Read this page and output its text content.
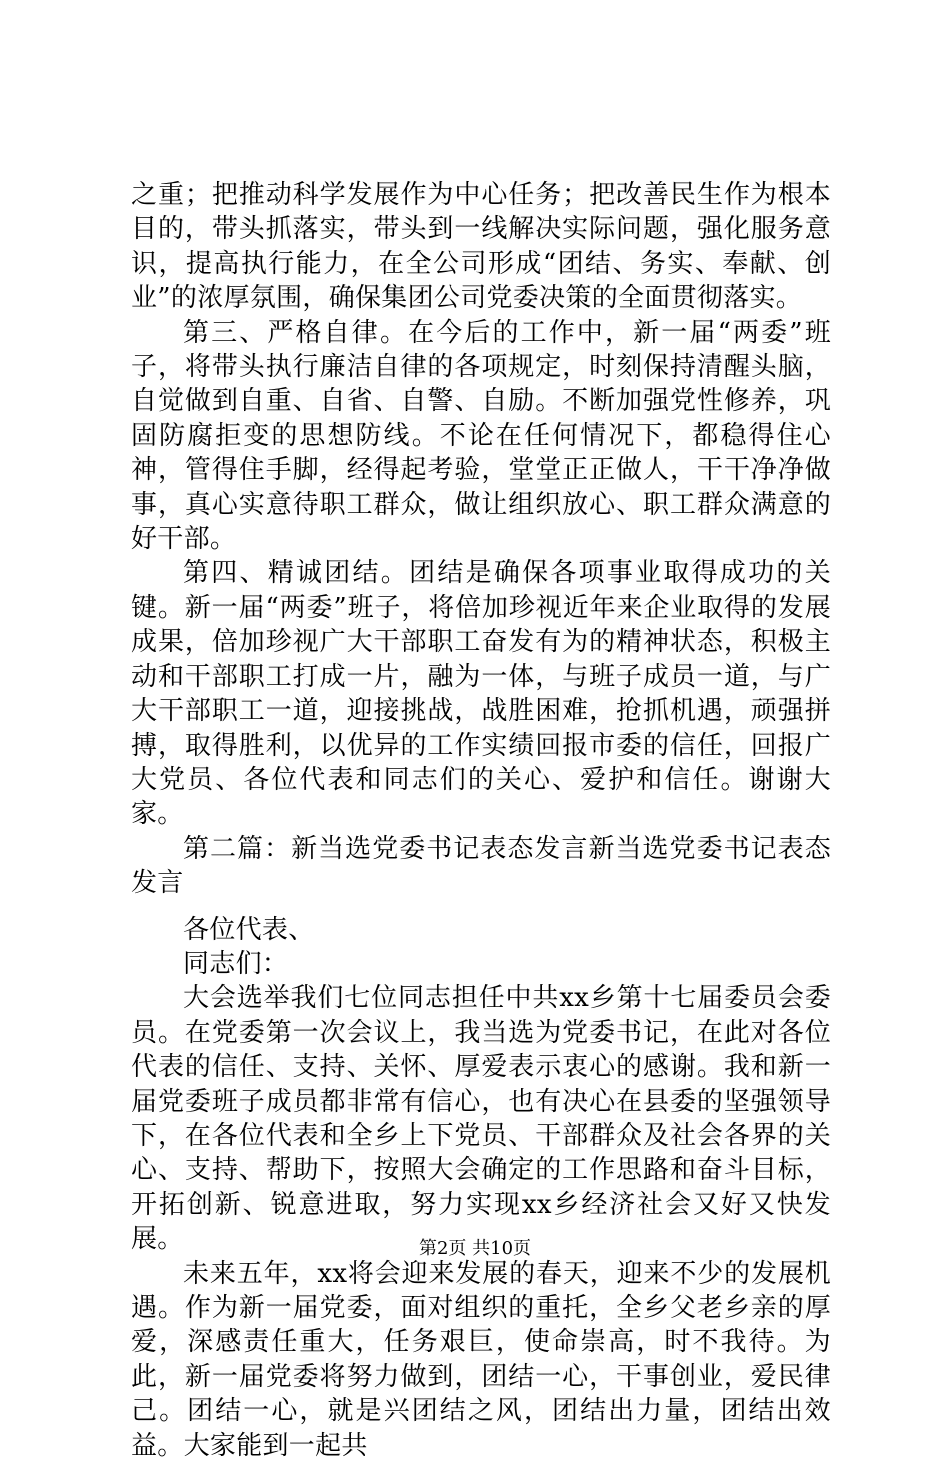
之重；把推动科学发展作为中心任务；把改善民生作为根本目的，带头抓落实，带头到一线解决实际问题，强化服务意识，提高执行能力，在全公司形成“团结、务实、奉献、创业”的浓厚氛围，确保集团公司党委决策的全面贯彻落实。

第三、严格自律。在今后的工作中，新一届“两委”班子，将带头执行廉洁自律的各项规定，时刻保持清醒头脑，自觉做到自重、自省、自警、自励。不断加强党性修养，巩固防腐拒变的思想防线。不论在任何情况下，都稳得住心神，管得住手脚，经得起考验，堂堂正正做人，干干净净做事，真心实意待职工群众，做让组织放心、职工群众满意的好干部。

第四、精诚团结。团结是确保各项事业取得成功的关键。新一届“两委”班子，将倍加珍视近年来企业取得的发展成果，倍加珍视广大干部职工奋发有为的精神状态，积极主动和干部职工打成一片，融为一体，与班子成员一道，与广大干部职工一道，迎接挑战，战胜困难，抢抓机遇，顽强拼搏，取得胜利，以优异的工作实绩回报市委的信任，回报广大党员、各位代表和同志们的关心、爱护和信任。谢谢大家。

第二篇：新当选党委书记表态发言新当选党委书记表态发言

各位代表、

同志们：

大会选举我们七位同志担任中共xx乡第十七届委员会委员。在党委第一次会议上，我当选为党委书记，在此对各位代表的信任、支持、关怀、厚爱表示衷心的感谢。我和新一届党委班子成员都非常有信心，也有决心在县委的坚强领导下，在各位代表和全乡上下党员、干部群众及社会各界的关心、支持、帮助下，按照大会确定的工作思路和奋斗目标，开拓创新、锐意进取，努力实现xx乡经济社会又好又快发展。

未来五年，xx将会迎来发展的春天，迎来不少的发展机遇。作为新一届党委，面对组织的重托，全乡父老乡亲的厚爱，深感责任重大，任务艰巨，使命崇高，时不我待。为此，新一届党委将努力做到，团结一心，干事创业，爱民律己。团结一心，就是兴团结之风，团结出力量，团结出效益。大家能到一起共

第2页 共10页
